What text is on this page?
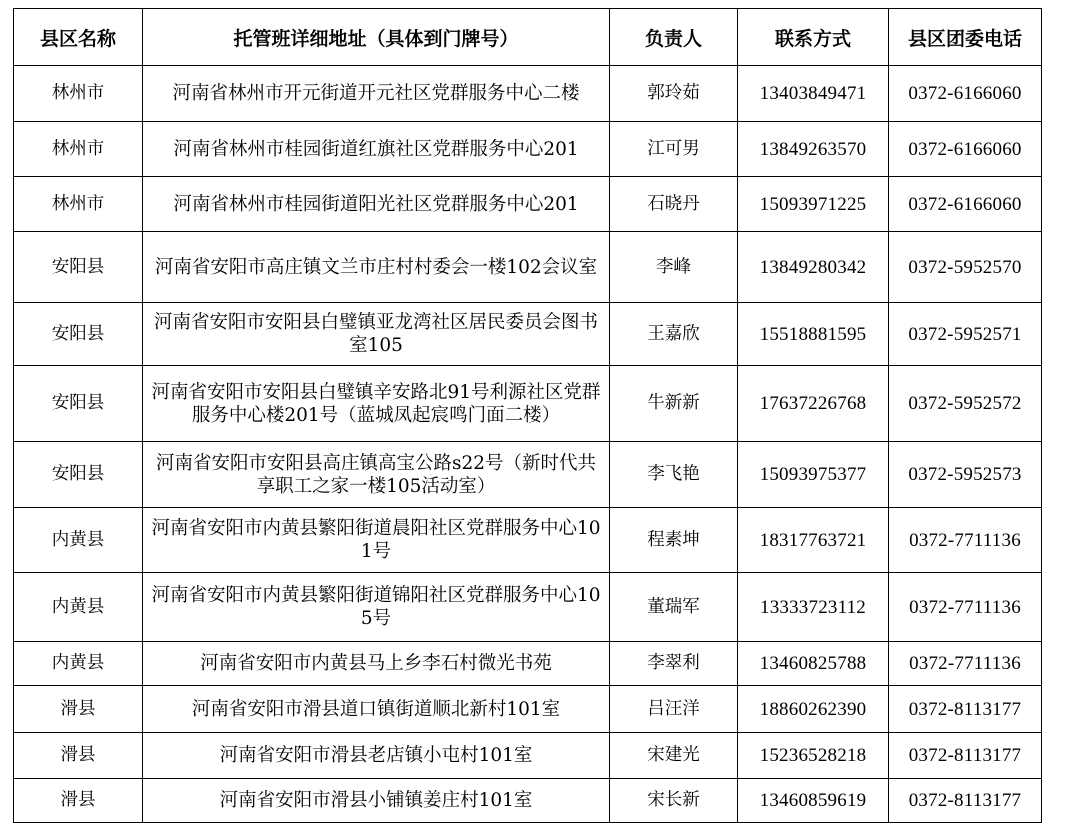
县区名称	托管班详细地址（具体到门牌号）	负责人	联系方式	县区团委电话
林州市	河南省林州市开元街道开元社区党群服务中心二楼	郭玲茹	13403849471	0372-6166060
林州市	河南省林州市桂园街道红旗社区党群服务中心201	江可男	13849263570	0372-6166060
林州市	河南省林州市桂园街道阳光社区党群服务中心201	石晓丹	15093971225	0372-6166060
安阳县	河南省安阳市高庄镇文兰市庄村村委会一楼102会议室	李峰	13849280342	0372-5952570
安阳县	河南省安阳市安阳县白璧镇亚龙湾社区居民委员会图书室105	王嘉欣	15518881595	0372-5952571
安阳县	河南省安阳市安阳县白璧镇辛安路北91号利源社区党群服务中心楼201号（蓝城凤起宸鸣门面二楼）	牛新新	17637226768	0372-5952572
安阳县	河南省安阳市安阳县高庄镇高宝公路s22号（新时代共享职工之家一楼105活动室）	李飞艳	15093975377	0372-5952573
内黄县	河南省安阳市内黄县繁阳街道晨阳社区党群服务中心101号	程素坤	18317763721	0372-7711136
内黄县	河南省安阳市内黄县繁阳街道锦阳社区党群服务中心105号	董瑞军	13333723112	0372-7711136
内黄县	河南省安阳市内黄县马上乡李石村微光书苑	李翠利	13460825788	0372-7711136
滑县	河南省安阳市滑县道口镇街道顺北新村101室	吕汪洋	18860262390	0372-8113177
滑县	河南省安阳市滑县老店镇小屯村101室	宋建光	15236528218	0372-8113177
滑县	河南省安阳市滑县小铺镇姜庄村101室	宋长新	13460859619	0372-8113177
